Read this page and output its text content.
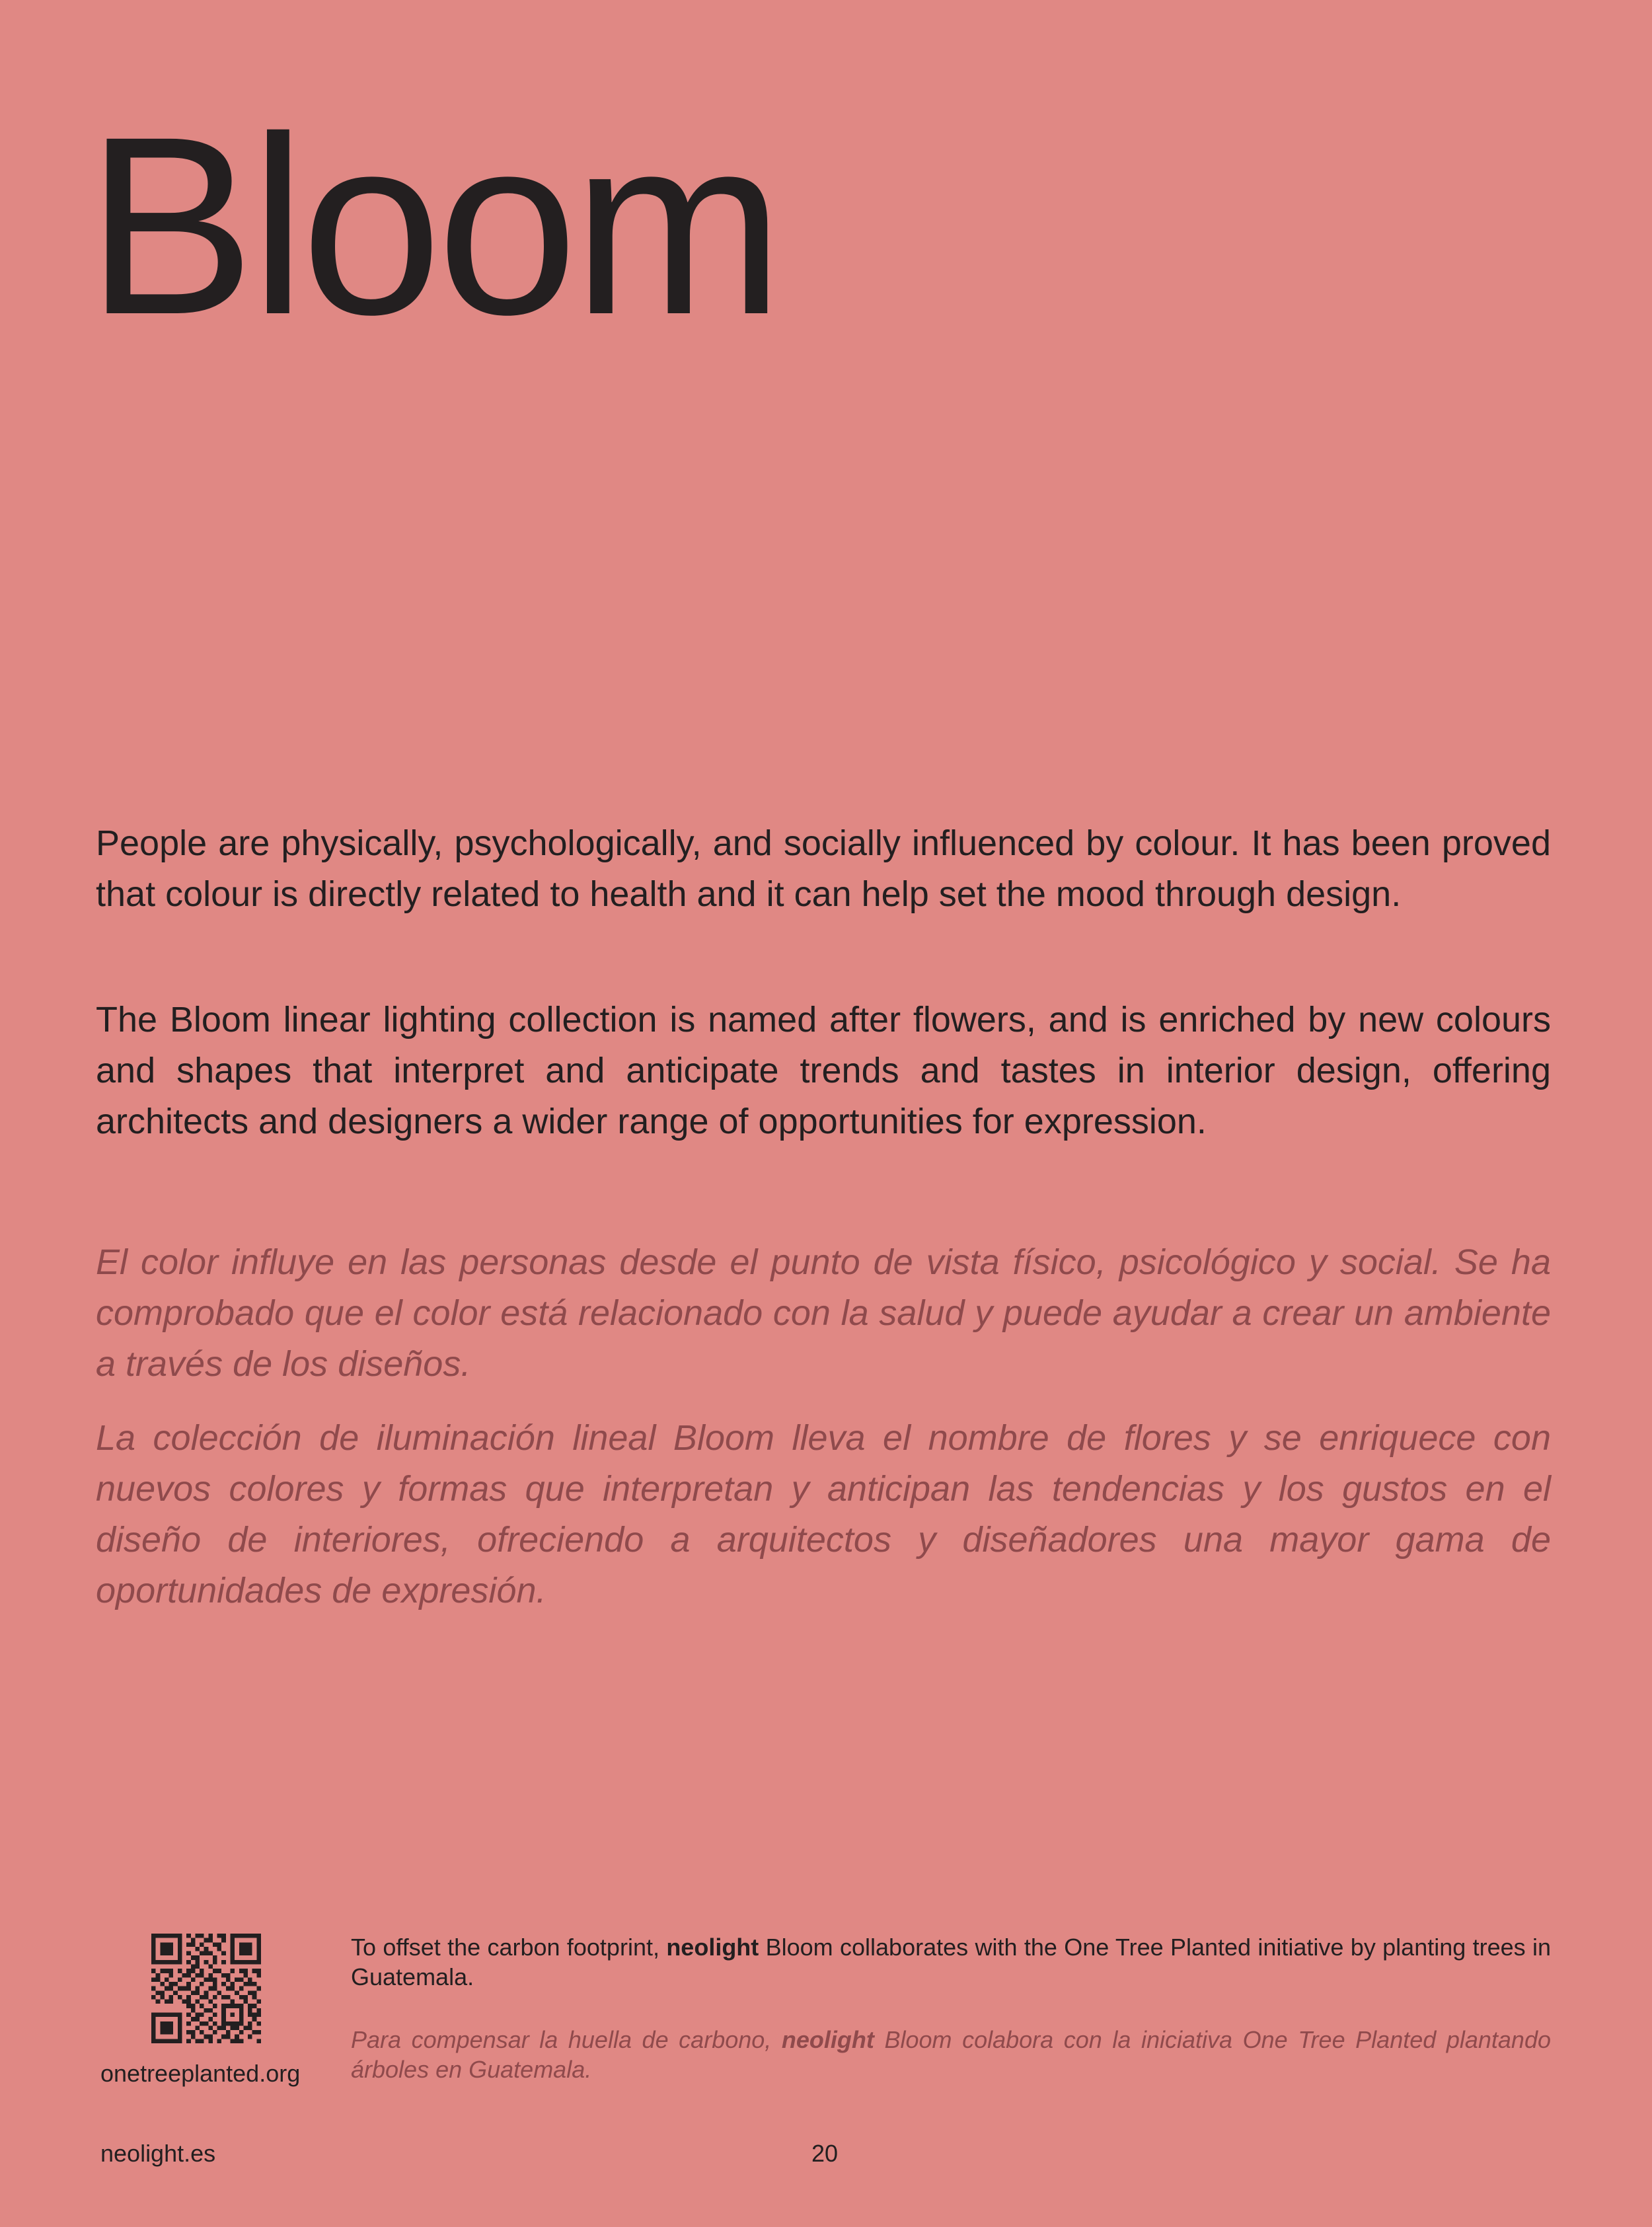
Bloom

People are physically, psychologically, and socially influenced by colour. It has been proved that colour is directly related to health and it can help set the mood through design.

The Bloom linear lighting collection is named after flowers, and is enriched by new colours and shapes that interpret and anticipate trends and tastes in interior design, offering architects and designers a wider range of opportunities for expression.

El color influye en las personas desde el punto de vista físico, psicológico y social. Se ha comprobado que el color está relacionado con la salud y puede ayudar a crear un ambiente a través de los diseños.

La colección de iluminación lineal Bloom lleva el nombre de flores y se enriquece con nuevos colores y formas que interpretan y anticipan las tendencias y los gustos en el diseño de interiores, ofreciendo a arquitectos y diseñadores una mayor gama de oportunidades de expresión.

onetreeplanted.org

To offset the carbon footprint, neolight Bloom collaborates with the One Tree Planted initiative by planting trees in Guatemala.

Para compensar la huella de carbono, neolight Bloom colabora con la iniciativa One Tree Planted plantando árboles en Guatemala.

neolight.es	20
